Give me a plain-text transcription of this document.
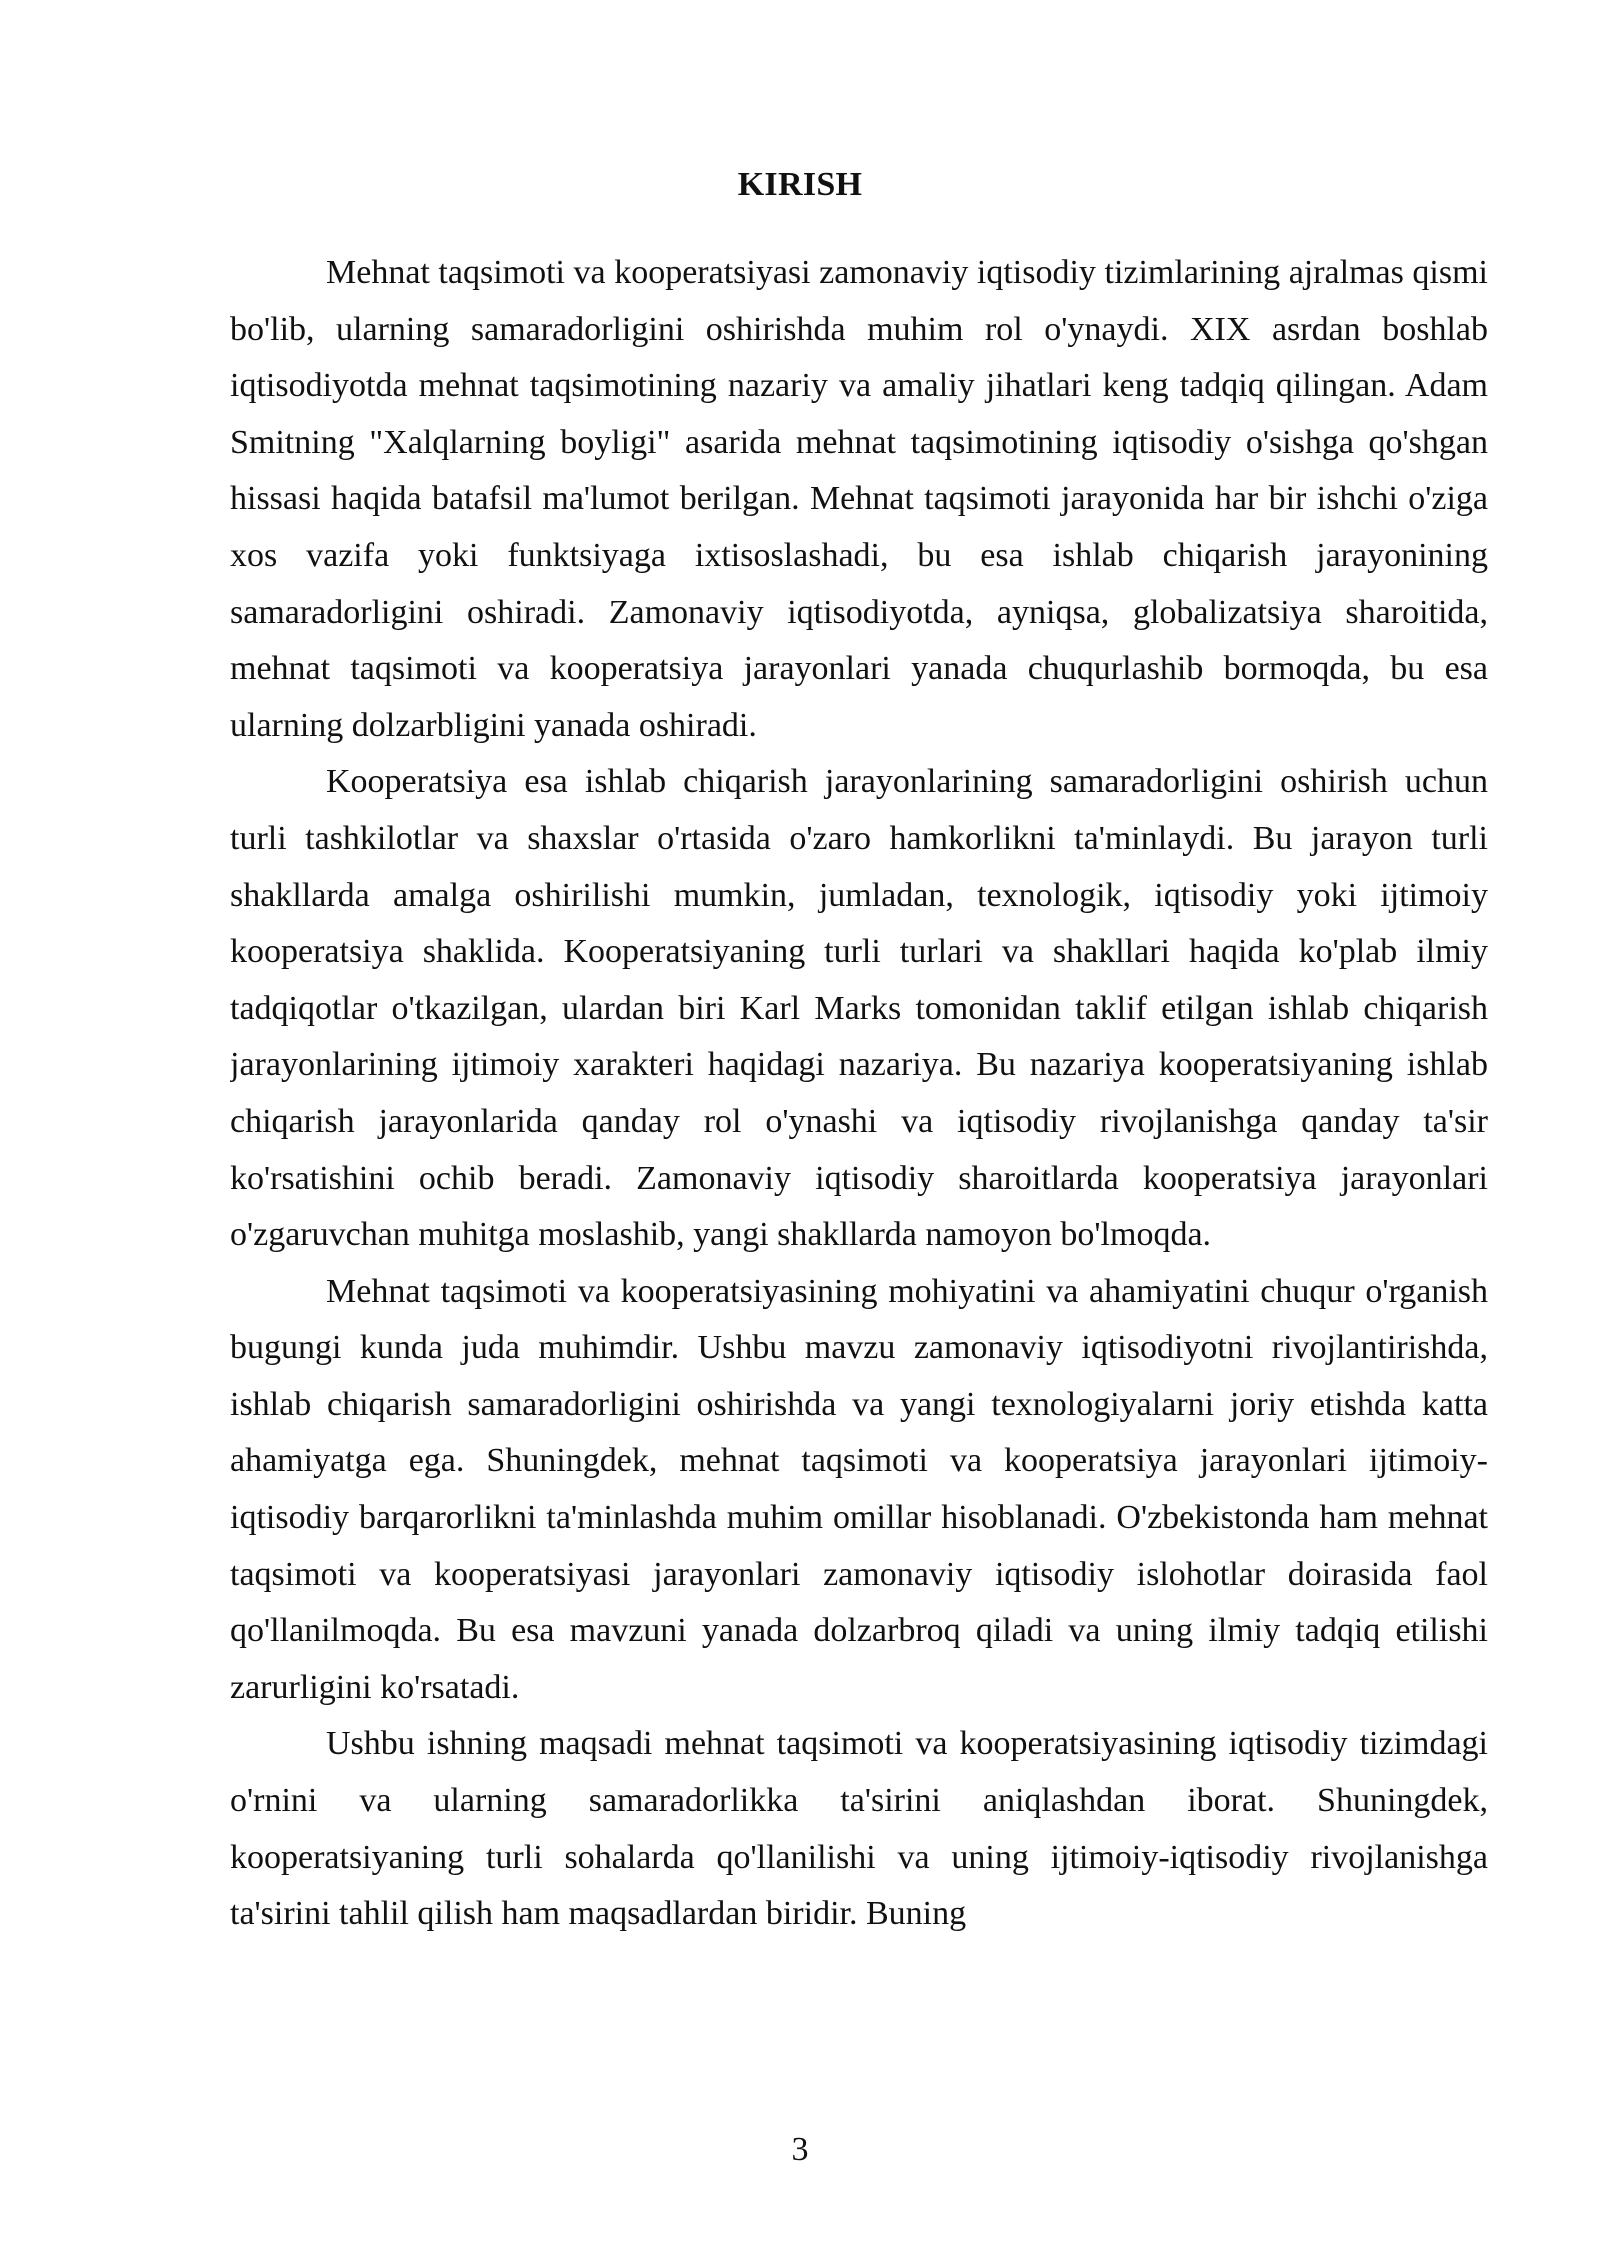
KIRISH

Mehnat taqsimoti va kooperatsiyasi zamonaviy iqtisodiy tizimlarining ajralmas qismi bo'lib, ularning samaradorligini oshirishda muhim rol o'ynaydi. XIX asrdan boshlab iqtisodiyotda mehnat taqsimotining nazariy va amaliy jihatlari keng tadqiq qilingan. Adam Smitning "Xalqlarning boyligi" asarida mehnat taqsimotining iqtisodiy o'sishga qo'shgan hissasi haqida batafsil ma'lumot berilgan. Mehnat taqsimoti jarayonida har bir ishchi o'ziga xos vazifa yoki funktsiyaga ixtisoslashadi, bu esa ishlab chiqarish jarayonining samaradorligini oshiradi. Zamonaviy iqtisodiyotda, ayniqsa, globalizatsiya sharoitida, mehnat taqsimoti va kooperatsiya jarayonlari yanada chuqurlashib bormoqda, bu esa ularning dolzarbligini yanada oshiradi.

Kooperatsiya esa ishlab chiqarish jarayonlarining samaradorligini oshirish uchun turli tashkilotlar va shaxslar o'rtasida o'zaro hamkorlikni ta'minlaydi. Bu jarayon turli shakllarda amalga oshirilishi mumkin, jumladan, texnologik, iqtisodiy yoki ijtimoiy kooperatsiya shaklida. Kooperatsiyaning turli turlari va shakllari haqida ko'plab ilmiy tadqiqotlar o'tkazilgan, ulardan biri Karl Marks tomonidan taklif etilgan ishlab chiqarish jarayonlarining ijtimoiy xarakteri haqidagi nazariya. Bu nazariya kooperatsiyaning ishlab chiqarish jarayonlarida qanday rol o'ynashi va iqtisodiy rivojlanishga qanday ta'sir ko'rsatishini ochib beradi. Zamonaviy iqtisodiy sharoitlarda kooperatsiya jarayonlari o'zgaruvchan muhitga moslashib, yangi shakllarda namoyon bo'lmoqda.

Mehnat taqsimoti va kooperatsiyasining mohiyatini va ahamiyatini chuqur o'rganish bugungi kunda juda muhimdir. Ushbu mavzu zamonaviy iqtisodiyotni rivojlantirishda, ishlab chiqarish samaradorligini oshirishda va yangi texnologiyalarni joriy etishda katta ahamiyatga ega. Shuningdek, mehnat taqsimoti va kooperatsiya jarayonlari ijtimoiy-iqtisodiy barqarorlikni ta'minlashda muhim omillar hisoblanadi. O'zbekistonda ham mehnat taqsimoti va kooperatsiyasi jarayonlari zamonaviy iqtisodiy islohotlar doirasida faol qo'llanilmoqda. Bu esa mavzuni yanada dolzarbroq qiladi va uning ilmiy tadqiq etilishi zarurligini ko'rsatadi.

Ushbu ishning maqsadi mehnat taqsimoti va kooperatsiyasining iqtisodiy tizimdagi o'rnini va ularning samaradorlikka ta'sirini aniqlashdan iborat. Shuningdek, kooperatsiyaning turli sohalarda qo'llanilishi va uning ijtimoiy-iqtisodiy rivojlanishga ta'sirini tahlil qilish ham maqsadlardan biridir. Buning

3
